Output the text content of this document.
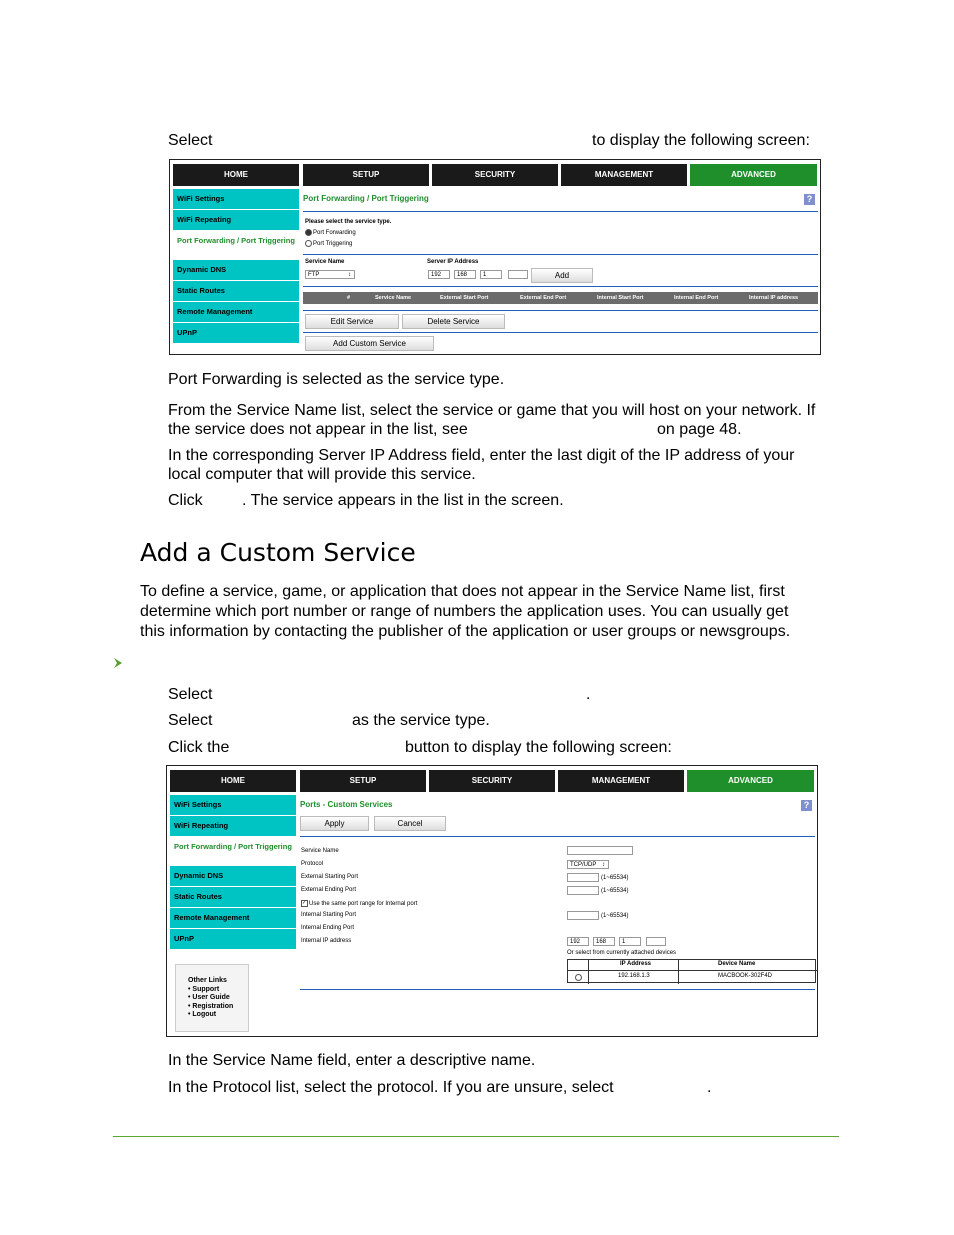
Select	to display the following screen:
HOME	SETUP	SECURITY	MANAGEMENT	ADVANCED
WiFi Settings
WiFi Repeating
Port Forwarding / Port Triggering
Dynamic DNS
Static Routes
Remote Management
UPnP
Port Forwarding / Port Triggering	?
Please select the service type.
Port Forwarding
Port Triggering
Service Name
FTP	↕
Server IP Address
192	168	1	Add
#	Service Name	External Start Port	External End Port	Internal Start Port	Internal End Port	Internal IP address
Edit Service	Delete Service
Add Custom Service
Port Forwarding is selected as the service type.
From the Service Name list, select the service or game that you will host on your network. If
the service does not appear in the list, see	on page 48.
In the corresponding Server IP Address field, enter the last digit of the IP address of your
local computer that will provide this service.
Click . The service appears in the list in the screen.
Add a Custom Service
To define a service, game, or application that does not appear in the Service Name list, first
determine which port number or range of numbers the application uses. You can usually get
this information by contacting the publisher of the application or user groups or newsgroups.
Select	.
Select	as the service type.
Click the	button to display the following screen:
HOME	SETUP	SECURITY	MANAGEMENT	ADVANCED
WiFi Settings
WiFi Repeating
Port Forwarding / Port Triggering
Dynamic DNS
Static Routes
Remote Management
UPnP
Other Links
• Support
• User Guide
• Registration
• Logout
Ports - Custom Services	?
Apply	Cancel
Service Name
Protocol	TCP/UDP ↕
External Starting Port	(1~65534)
External Ending Port	(1~65534)
✓ Use the same port range for Internal port
Internal Starting Port	(1~65534)
Internal Ending Port
Internal IP address	192	168	1
Or select from currently attached devices
IP Address	Device Name
192.168.1.3	MACBOOK-302F4D
In the Service Name field, enter a descriptive name.
In the Protocol list, select the protocol. If you are unsure, select	.
